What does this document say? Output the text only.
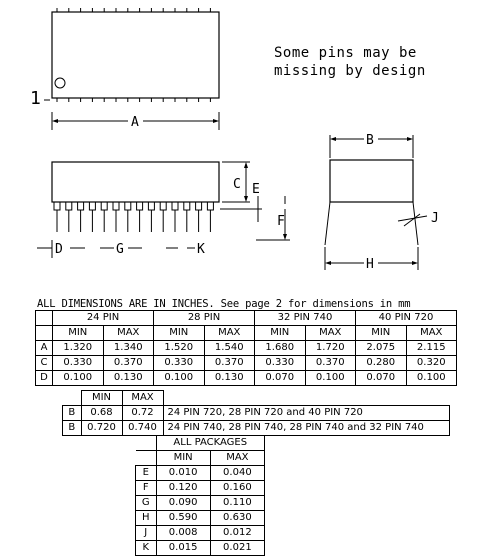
1
A
C E
F
D	G	K
B
J
H
Some pins may be
missing by design
ALL DIMENSIONS ARE IN INCHES. See page 2 for dimensions in mm
	24 PIN		28 PIN		32 PIN 740		40 PIN 720	
	MIN	MAX	MIN	MAX	MIN	MAX	MIN	MAX
A	1.320	1.340	1.520	1.540	1.680	1.720	2.075	2.115
C	0.330	0.370	0.330	0.370	0.330	0.370	0.280	0.320
D	0.100	0.130	0.100	0.130	0.070	0.100	0.070	0.100
	MIN	MAX	
B	0.68	0.72	24 PIN 720, 28 PIN 720 and 40 PIN 720
B	0.720	0.740	24 PIN 740, 28 PIN 740, 28 PIN 740 and 32 PIN 740
	ALL PACKAGES	
	MIN	MAX
E	0.010	0.040
F	0.120	0.160
G	0.090	0.110
H	0.590	0.630
J	0.008	0.012
K	0.015	0.021
